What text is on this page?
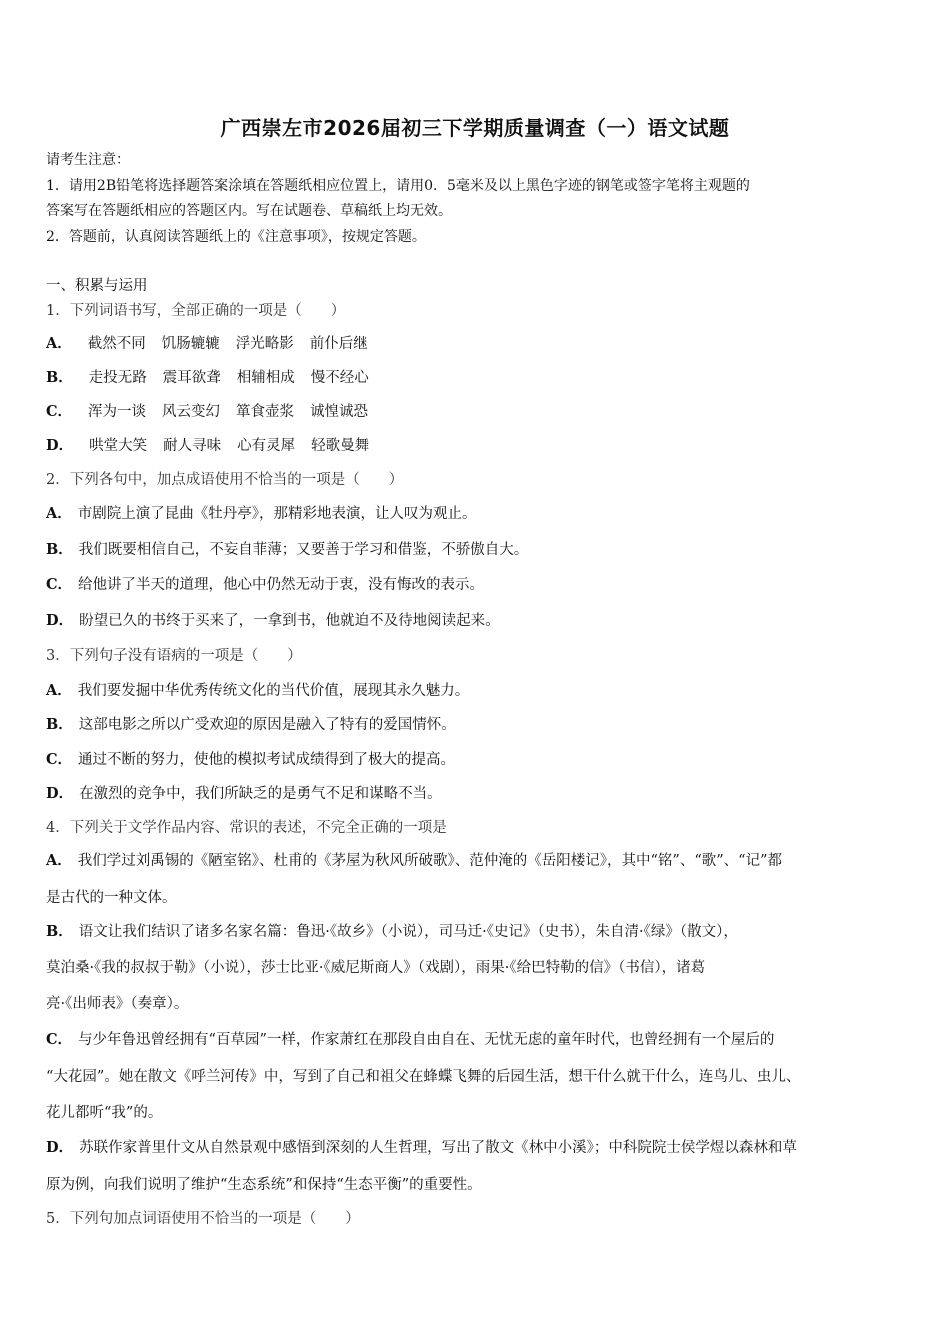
广西崇左市2026届初三下学期质量调查（一）语文试题
请考生注意：
1．请用2B铅笔将选择题答案涂填在答题纸相应位置上，请用0．5毫米及以上黑色字迹的钢笔或签字笔将主观题的
答案写在答题纸相应的答题区内。写在试题卷、草稿纸上均无效。
2．答题前，认真阅读答题纸上的《注意事项》，按规定答题。
一、积累与运用
1．下列词语书写，全部正确的一项是（　　）
A． 截然不同 饥肠辘辘 浮光略影 前仆后继
B． 走投无路 震耳欲聋 相辅相成 慢不经心
C． 浑为一谈 风云变幻 箪食壶浆 诚惶诚恐
D． 哄堂大笑 耐人寻味 心有灵犀 轻歌曼舞
2．下列各句中，加点成语使用不恰当的一项是（　　）
A． 市剧院上演了昆曲《牡丹亭》，那精彩地表演，让人叹为观止。
B． 我们既要相信自己，不妄自菲薄；又要善于学习和借鉴，不骄傲自大。
C． 给他讲了半天的道理，他心中仍然无动于衷，没有悔改的表示。
D． 盼望已久的书终于买来了，一拿到书，他就迫不及待地阅读起来。
3．下列句子没有语病的一项是（　　）
A． 我们要发掘中华优秀传统文化的当代价值，展现其永久魅力。
B． 这部电影之所以广受欢迎的原因是融入了特有的爱国情怀。
C． 通过不断的努力，使他的模拟考试成绩得到了极大的提高。
D． 在激烈的竞争中，我们所缺乏的是勇气不足和谋略不当。
4．下列关于文学作品内容、常识的表述，不完全正确的一项是
A． 我们学过刘禹锡的《陋室铭》、杜甫的《茅屋为秋风所破歌》、范仲淹的《岳阳楼记》，其中“铭”、“歌”、“记”都
是古代的一种文体。
B． 语文让我们结识了诸多名家名篇：鲁迅·《故乡》（小说），司马迁·《史记》（史书），朱自清·《绿》（散文），
莫泊桑·《我的叔叔于勒》（小说），莎士比亚·《威尼斯商人》（戏剧），雨果·《给巴特勒的信》（书信），诸葛
亮·《出师表》（奏章）。
C． 与少年鲁迅曾经拥有“百草园”一样，作家萧红在那段自由自在、无忧无虑的童年时代，也曾经拥有一个屋后的
“大花园”。她在散文《呼兰河传》中，写到了自己和祖父在蜂蝶飞舞的后园生活，想干什么就干什么，连鸟儿、虫儿、
花儿都听“我”的。
D． 苏联作家普里什文从自然景观中感悟到深刻的人生哲理，写出了散文《林中小溪》；中科院院士侯学煜以森林和草
原为例，向我们说明了维护“生态系统”和保持“生态平衡”的重要性。
5．下列句加点词语使用不恰当的一项是（　　）
